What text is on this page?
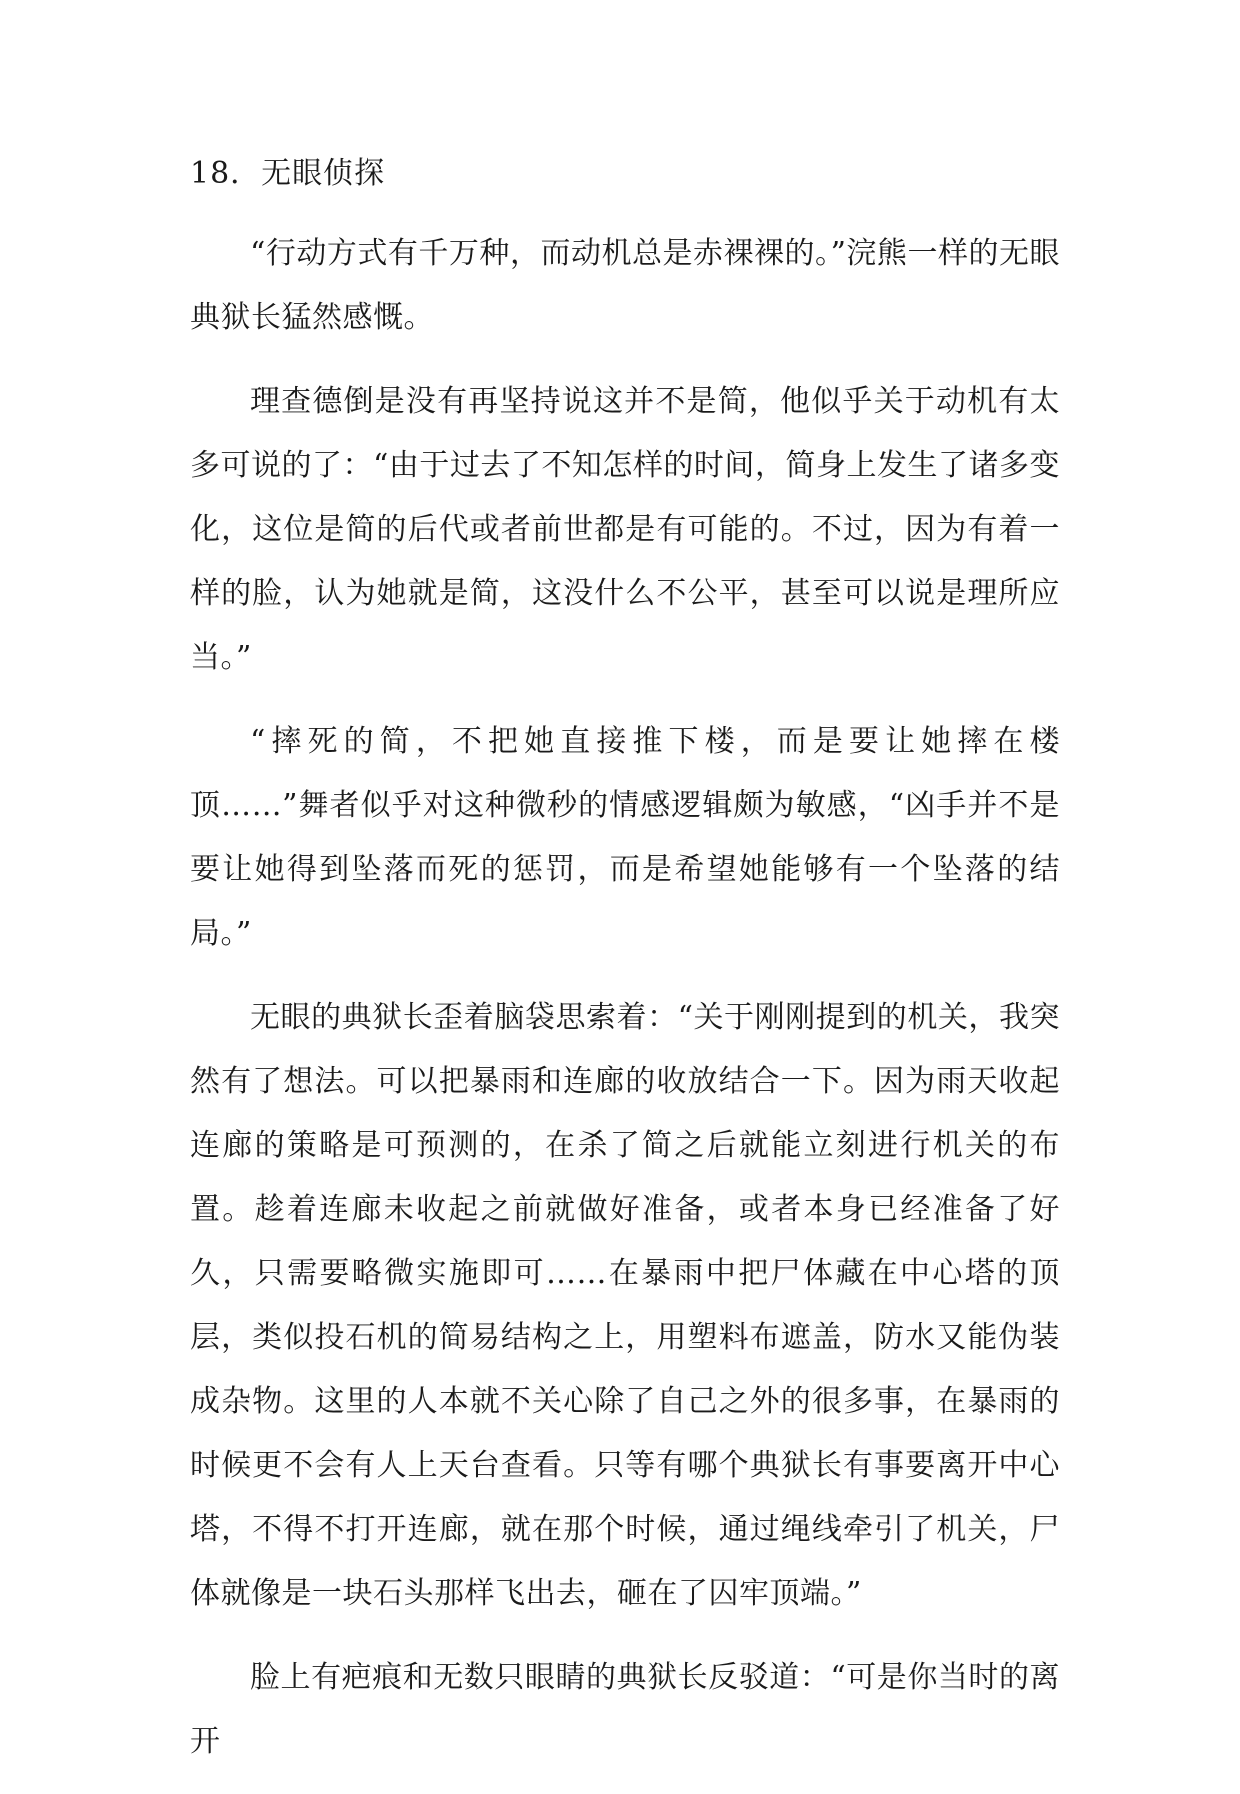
18．无眼侦探

“行动方式有千万种，而动机总是赤裸裸的。”浣熊一样的无眼典狱长猛然感慨。

理查德倒是没有再坚持说这并不是简，他似乎关于动机有太多可说的了：“由于过去了不知怎样的时间，简身上发生了诸多变化，这位是简的后代或者前世都是有可能的。不过，因为有着一样的脸，认为她就是简，这没什么不公平，甚至可以说是理所应当。”

“摔死的简，不把她直接推下楼，而是要让她摔在楼顶……”舞者似乎对这种微秒的情感逻辑颇为敏感，“凶手并不是要让她得到坠落而死的惩罚，而是希望她能够有一个坠落的结局。”

无眼的典狱长歪着脑袋思索着：“关于刚刚提到的机关，我突然有了想法。可以把暴雨和连廊的收放结合一下。因为雨天收起连廊的策略是可预测的，在杀了简之后就能立刻进行机关的布置。趁着连廊未收起之前就做好准备，或者本身已经准备了好久，只需要略微实施即可……在暴雨中把尸体藏在中心塔的顶层，类似投石机的简易结构之上，用塑料布遮盖，防水又能伪装成杂物。这里的人本就不关心除了自己之外的很多事，在暴雨的时候更不会有人上天台查看。只等有哪个典狱长有事要离开中心塔，不得不打开连廊，就在那个时候，通过绳线牵引了机关，尸体就像是一块石头那样飞出去，砸在了囚牢顶端。”

脸上有疤痕和无数只眼睛的典狱长反驳道：“可是你当时的离开
